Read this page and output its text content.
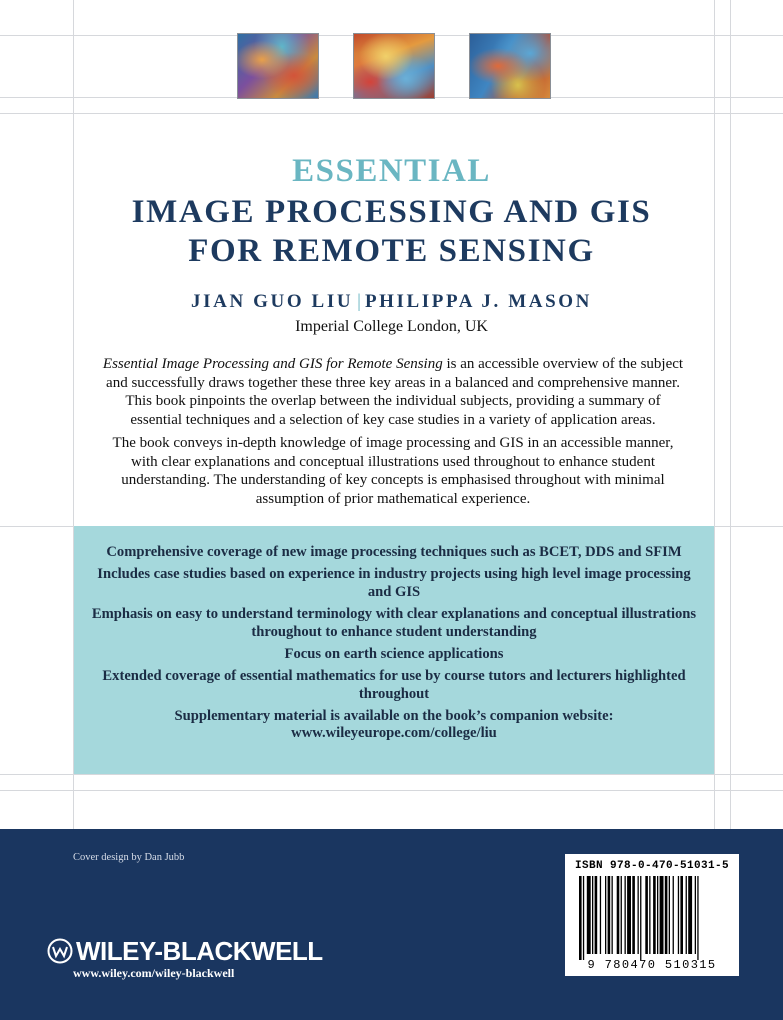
ESSENTIAL
IMAGE PROCESSING AND GIS
FOR REMOTE SENSING
JIAN GUO LIU | PHILIPPA J. MASON
Imperial College London, UK

Essential Image Processing and GIS for Remote Sensing is an accessible overview of the subject and successfully draws together these three key areas in a balanced and comprehensive manner. This book pinpoints the overlap between the individual subjects, providing a summary of essential techniques and a selection of key case studies in a variety of application areas.

The book conveys in-depth knowledge of image processing and GIS in an accessible manner, with clear explanations and conceptual illustrations used throughout to enhance student understanding. The understanding of key concepts is emphasised throughout with minimal assumption of prior mathematical experience.

Comprehensive coverage of new image processing techniques such as BCET, DDS and SFIM
Includes case studies based on experience in industry projects using high level image processing and GIS
Emphasis on easy to understand terminology with clear explanations and conceptual illustrations throughout to enhance student understanding
Focus on earth science applications
Extended coverage of essential mathematics for use by course tutors and lecturers highlighted throughout
Supplementary material is available on the book’s companion website: www.wileyeurope.com/college/liu
Cover design by Dan Jubb
WILEY-BLACKWELL
www.wiley.com/wiley-blackwell
ISBN 978-0-470-51031-5
9 780470 510315
